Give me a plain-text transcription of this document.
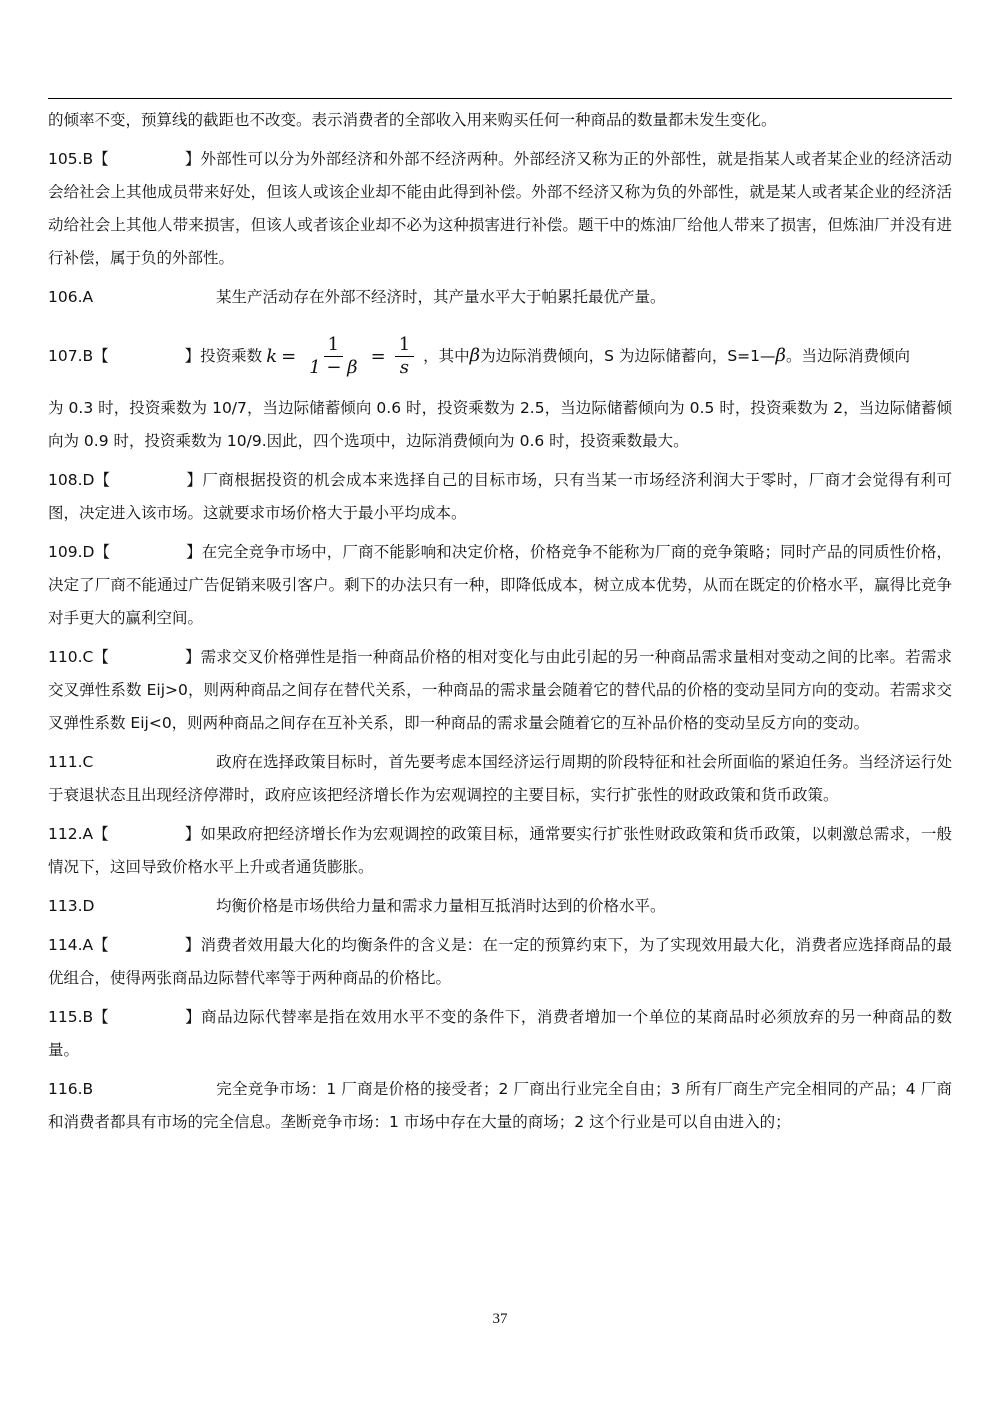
的倾率不变，预算线的截距也不改变。表示消费者的全部收入用来购买任何一种商品的数量都未发生变化。

105.B【	】外部性可以分为外部经济和外部不经济两种。外部经济又称为正的外部性，就是指某人或者某企业的经济活动会给社会上其他成员带来好处，但该人或该企业却不能由此得到补偿。外部不经济又称为负的外部性，就是某人或者某企业的经济活动给社会上其他人带来损害，但该人或者该企业却不必为这种损害进行补偿。题干中的炼油厂给他人带来了损害，但炼油厂并没有进行补偿，属于负的外部性。

106.A	某生产活动存在外部不经济时，其产量水平大于帕累托最优产量。

107.B【	】投资乘数 $k = \frac{1}{1 - \beta} = \frac{1}{s}$ ，其中β为边际消费倾向，S 为边际储蓄向，S=1—β。当边际消费倾向

为 0.3 时，投资乘数为 10/7，当边际储蓄倾向 0.6 时，投资乘数为 2.5，当边际储蓄倾向为 0.5 时，投资乘数为 2，当边际储蓄倾向为 0.9 时，投资乘数为 10/9.因此，四个选项中，边际消费倾向为 0.6 时，投资乘数最大。

108.D【	】厂商根据投资的机会成本来选择自己的目标市场，只有当某一市场经济利润大于零时，厂商才会觉得有利可图，决定进入该市场。这就要求市场价格大于最小平均成本。

109.D【	】在完全竞争市场中，厂商不能影响和决定价格，价格竞争不能称为厂商的竞争策略；同时产品的同质性价格，决定了厂商不能通过广告促销来吸引客户。剩下的办法只有一种，即降低成本，树立成本优势，从而在既定的价格水平，赢得比竞争对手更大的赢利空间。

110.C【	】需求交叉价格弹性是指一种商品价格的相对变化与由此引起的另一种商品需求量相对变动之间的比率。若需求交叉弹性系数 Eij>0，则两种商品之间存在替代关系，一种商品的需求量会随着它的替代品的价格的变动呈同方向的变动。若需求交叉弹性系数 Eij<0，则两种商品之间存在互补关系，即一种商品的需求量会随着它的互补品价格的变动呈反方向的变动。

111.C	政府在选择政策目标时，首先要考虑本国经济运行周期的阶段特征和社会所面临的紧迫任务。当经济运行处于衰退状态且出现经济停滞时，政府应该把经济增长作为宏观调控的主要目标，实行扩张性的财政政策和货币政策。

112.A【	】如果政府把经济增长作为宏观调控的政策目标，通常要实行扩张性财政政策和货币政策，以刺激总需求，一般情况下，这回导致价格水平上升或者通货膨胀。

113.D	均衡价格是市场供给力量和需求力量相互抵消时达到的价格水平。

114.A【	】消费者效用最大化的均衡条件的含义是：在一定的预算约束下，为了实现效用最大化，消费者应选择商品的最优组合，使得两张商品边际替代率等于两种商品的价格比。

115.B【	】商品边际代替率是指在效用水平不变的条件下，消费者增加一个单位的某商品时必须放弃的另一种商品的数量。

116.B	完全竞争市场：1 厂商是价格的接受者；2 厂商出行业完全自由；3 所有厂商生产完全相同的产品；4 厂商和消费者都具有市场的完全信息。垄断竞争市场：1 市场中存在大量的商场；2 这个行业是可以自由进入的；

37
